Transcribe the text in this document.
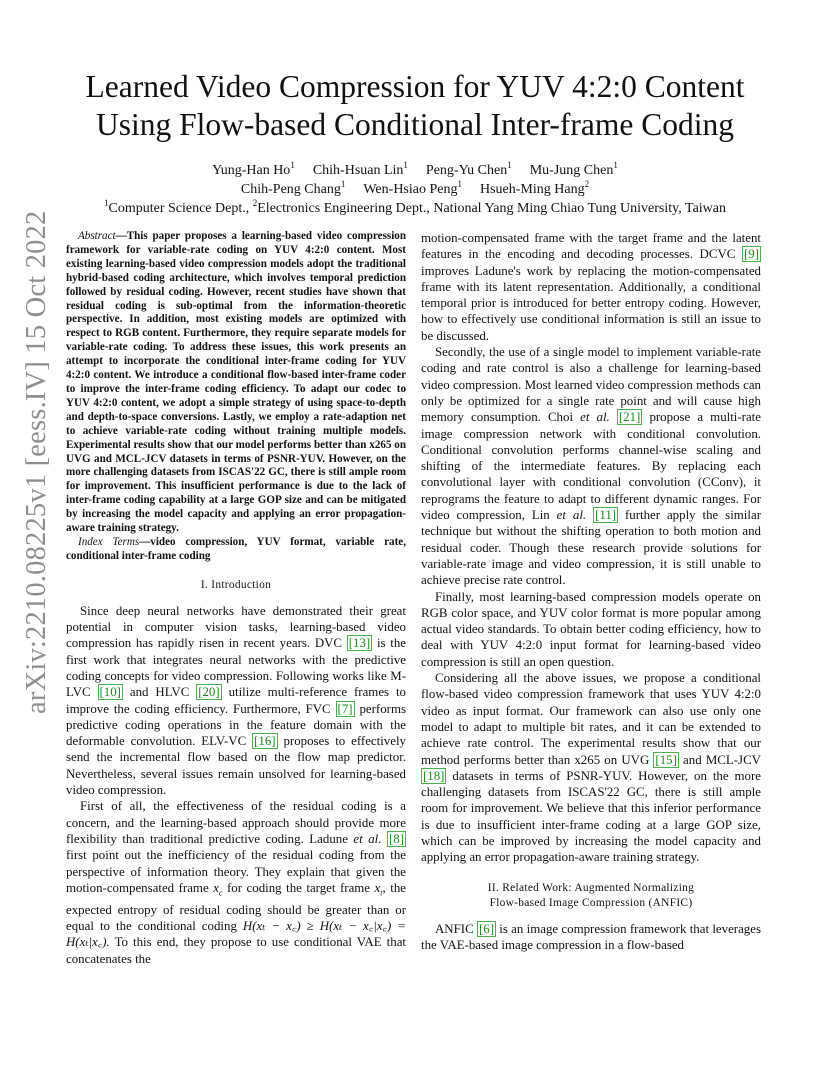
arXiv:2210.08225v1 [eess.IV] 15 Oct 2022
Learned Video Compression for YUV 4:2:0 Content Using Flow-based Conditional Inter-frame Coding
Yung-Han Ho$^1$ Chih-Hsuan Lin$^1$ Peng-Yu Chen$^1$ Mu-Jung Chen$^1$
Chih-Peng Chang$^1$ Wen-Hsiao Peng$^1$ Hsueh-Ming Hang$^2$
$^1$Computer Science Dept., $^2$Electronics Engineering Dept., National Yang Ming Chiao Tung University, Taiwan

Abstract—This paper proposes a learning-based video compression framework for variable-rate coding on YUV 4:2:0 content. Most existing learning-based video compression models adopt the traditional hybrid-based coding architecture, which involves temporal prediction followed by residual coding. However, recent studies have shown that residual coding is sub-optimal from the information-theoretic perspective. In addition, most existing models are optimized with respect to RGB content. Furthermore, they require separate models for variable-rate coding. To address these issues, this work presents an attempt to incorporate the conditional inter-frame coding for YUV 4:2:0 content. We introduce a conditional flow-based inter-frame coder to improve the inter-frame coding efficiency. To adapt our codec to YUV 4:2:0 content, we adopt a simple strategy of using space-to-depth and depth-to-space conversions. Lastly, we employ a rate-adaption net to achieve variable-rate coding without training multiple models. Experimental results show that our model performs better than x265 on UVG and MCL-JCV datasets in terms of PSNR-YUV. However, on the more challenging datasets from ISCAS'22 GC, there is still ample room for improvement. This insufficient performance is due to the lack of inter-frame coding capability at a large GOP size and can be mitigated by increasing the model capacity and applying an error propagation-aware training strategy.

Index Terms—video compression, YUV format, variable rate, conditional inter-frame coding

I. Introduction

Since deep neural networks have demonstrated their great potential in computer vision tasks, learning-based video compression has rapidly risen in recent years. DVC [13] is the first work that integrates neural networks with the predictive coding concepts for video compression. Following works like M-LVC [10] and HLVC [20] utilize multi-reference frames to improve the coding efficiency. Furthermore, FVC [7] performs predictive coding operations in the feature domain with the deformable convolution. ELV-VC [16] proposes to effectively send the incremental flow based on the flow map predictor. Nevertheless, several issues remain unsolved for learning-based video compression.

First of all, the effectiveness of the residual coding is a concern, and the learning-based approach should provide more flexibility than traditional predictive coding. Ladune et al. [8] first point out the inefficiency of the residual coding from the perspective of information theory. They explain that given the motion-compensated frame $x_c$ for coding the target frame $x_t$, the expected entropy of residual coding should be greater than or equal to the conditional coding H(xₜ − x꜀) ≥ H(xₜ − x꜀|x꜀) = H(xₜ|x꜀). To this end, they propose to use conditional VAE that concatenates the

motion-compensated frame with the target frame and the latent features in the encoding and decoding processes. DCVC [9] improves Ladune's work by replacing the motion-compensated frame with its latent representation. Additionally, a conditional temporal prior is introduced for better entropy coding. However, how to effectively use conditional information is still an issue to be discussed.

Secondly, the use of a single model to implement variable-rate coding and rate control is also a challenge for learning-based video compression. Most learned video compression methods can only be optimized for a single rate point and will cause high memory consumption. Choi et al. [21] propose a multi-rate image compression network with conditional convolution. Conditional convolution performs channel-wise scaling and shifting of the intermediate features. By replacing each convolutional layer with conditional convolution (CConv), it reprograms the feature to adapt to different dynamic ranges. For video compression, Lin et al. [11] further apply the similar technique but without the shifting operation to both motion and residual coder. Though these research provide solutions for variable-rate image and video compression, it is still unable to achieve precise rate control.

Finally, most learning-based compression models operate on RGB color space, and YUV color format is more popular among actual video standards. To obtain better coding efficiency, how to deal with YUV 4:2:0 input format for learning-based video compression is still an open question.

Considering all the above issues, we propose a conditional flow-based video compression framework that uses YUV 4:2:0 video as input format. Our framework can also use only one model to adapt to multiple bit rates, and it can be extended to achieve rate control. The experimental results show that our method performs better than x265 on UVG [15] and MCL-JCV [18] datasets in terms of PSNR-YUV. However, on the more challenging datasets from ISCAS'22 GC, there is still ample room for improvement. We believe that this inferior performance is due to insufficient inter-frame coding at a large GOP size, which can be improved by increasing the model capacity and applying an error propagation-aware training strategy.

II. Related Work: Augmented Normalizing
Flow-based Image Compression (ANFIC)

ANFIC [6] is an image compression framework that leverages the VAE-based image compression in a flow-based
